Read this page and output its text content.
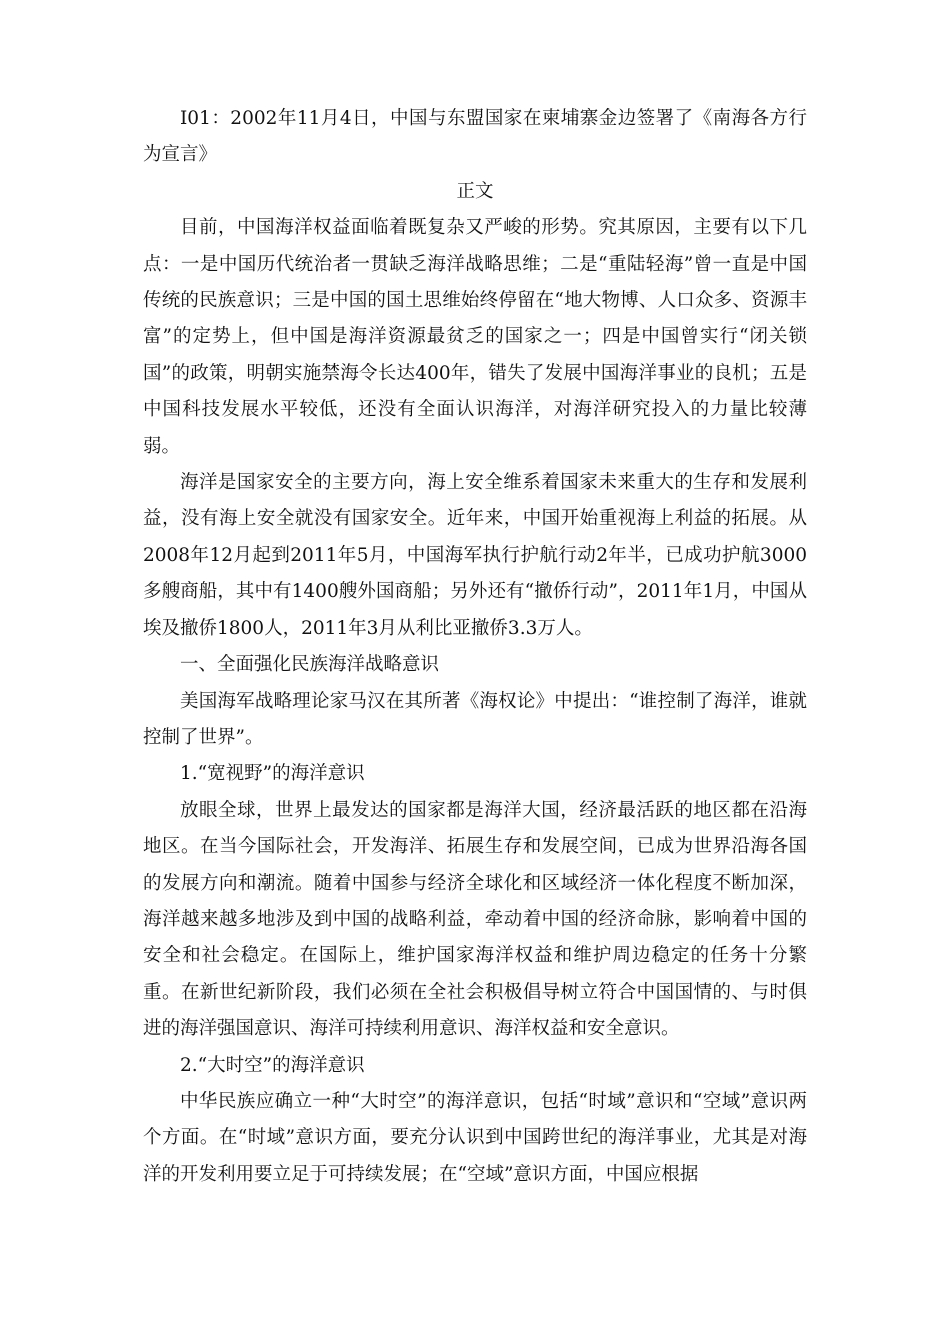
I01：2002年11月4日，中国与东盟国家在柬埔寨金边签署了《南海各方行为宣言》

正文

目前，中国海洋权益面临着既复杂又严峻的形势。究其原因，主要有以下几点：一是中国历代统治者一贯缺乏海洋战略思维；二是“重陆轻海”曾一直是中国传统的民族意识；三是中国的国土思维始终停留在“地大物博、人口众多、资源丰富”的定势上，但中国是海洋资源最贫乏的国家之一；四是中国曾实行“闭关锁国”的政策，明朝实施禁海令长达400年，错失了发展中国海洋事业的良机；五是中国科技发展水平较低，还没有全面认识海洋，对海洋研究投入的力量比较薄弱。

海洋是国家安全的主要方向，海上安全维系着国家未来重大的生存和发展利益，没有海上安全就没有国家安全。近年来，中国开始重视海上利益的拓展。从2008年12月起到2011年5月，中国海军执行护航行动2年半，已成功护航3000多艘商船，其中有1400艘外国商船；另外还有“撤侨行动”，2011年1月，中国从埃及撤侨1800人，2011年3月从利比亚撤侨3.3万人。

一、全面强化民族海洋战略意识

美国海军战略理论家马汉在其所著《海权论》中提出：“谁控制了海洋，谁就控制了世界”。

1.“宽视野”的海洋意识

放眼全球，世界上最发达的国家都是海洋大国，经济最活跃的地区都在沿海地区。在当今国际社会，开发海洋、拓展生存和发展空间，已成为世界沿海各国的发展方向和潮流。随着中国参与经济全球化和区域经济一体化程度不断加深，海洋越来越多地涉及到中国的战略利益，牵动着中国的经济命脉，影响着中国的安全和社会稳定。在国际上，维护国家海洋权益和维护周边稳定的任务十分繁重。在新世纪新阶段，我们必须在全社会积极倡导树立符合中国国情的、与时俱进的海洋强国意识、海洋可持续利用意识、海洋权益和安全意识。

2.“大时空”的海洋意识

中华民族应确立一种“大时空”的海洋意识，包括“时域”意识和“空域”意识两个方面。在“时域”意识方面，要充分认识到中国跨世纪的海洋事业，尤其是对海洋的开发利用要立足于可持续发展；在“空域”意识方面，中国应根据
